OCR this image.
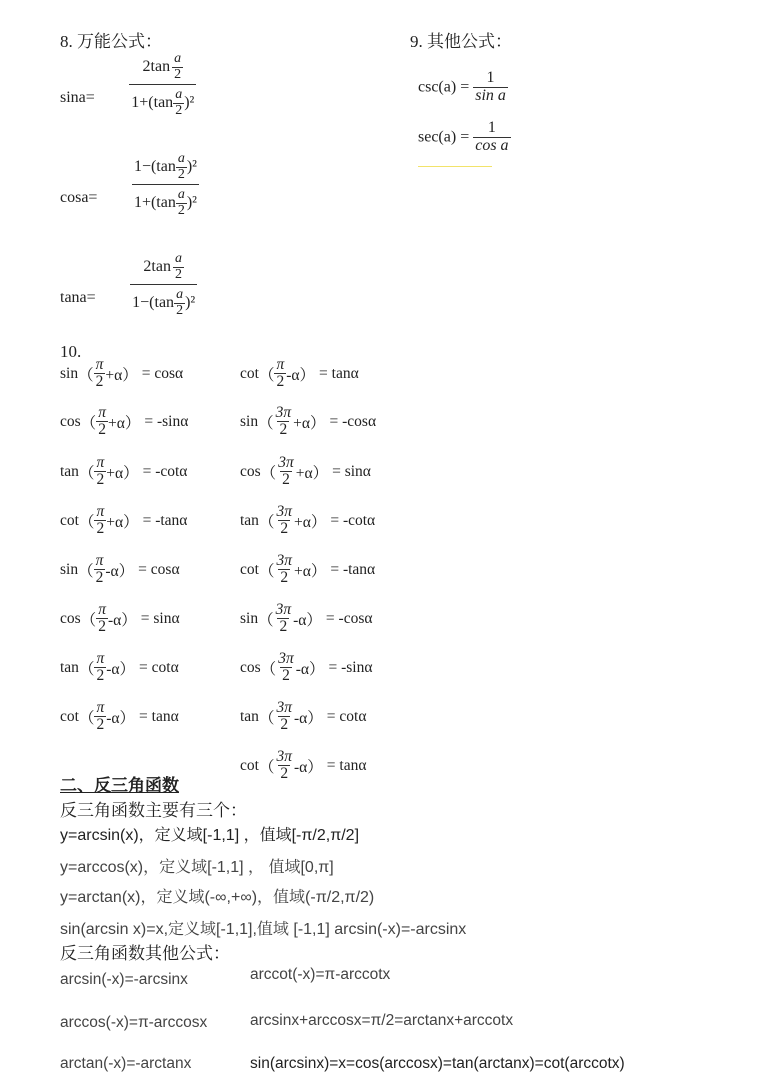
8. 万能公式：
$\sin a= \frac{2\tan \frac{a}{2}}{1+(\tan \frac{a}{2} )^2}$
$\cos a= \frac{1-(\tan \frac{a}{2} )^2}{1+(\tan \frac{a}{2} )^2}$
$\tan a= \frac{2\tan \frac{a}{2}}{1-(\tan \frac{a}{2} )^2}$
9. 其他公式：
$\csc(a) = \frac{1}{\text{sin a}}$
$\sec(a) = \frac{1}{\text{cos a}}$
10.
$\sin( \frac{\pi}{2} +\alpha) = \cos\alpha$
$\cos( \frac{\pi}{2} +\alpha) = -\sin\alpha$
$\tan( \frac{\pi}{2} +\alpha) = -\cot\alpha$
$\cot( \frac{\pi}{2} +\alpha) = -\tan\alpha$
$\sin( \frac{\pi}{2} -\alpha) = \cos\alpha$
$\cos( \frac{\pi}{2} -\alpha) = \sin\alpha$
$\tan( \frac{\pi}{2} -\alpha) = \cot\alpha$
$\cot( \frac{\pi}{2} -\alpha) = \tan\alpha$
$\cot( \frac{\pi}{2} -\alpha) = \tan\alpha$
$\sin( \frac{3\pi}{2} +\alpha) = -\cos\alpha$
$\cos( \frac{3\pi}{2} +\alpha) = \sin\alpha$
$\tan( \frac{3\pi}{2} +\alpha) = -\cot\alpha$
$\cot( \frac{3\pi}{2} +\alpha) = -\tan\alpha$
$\sin( \frac{3\pi}{2} -\alpha) = -\cos\alpha$
$\cos( \frac{3\pi}{2} -\alpha) = -\sin\alpha$
$\tan( \frac{3\pi}{2} -\alpha) = \cot\alpha$
$\cot( \frac{3\pi}{2} -\alpha) = \tan\alpha$
二、反三角函数
反三角函数主要有三个：
y=arcsin(x)，定义域[-1,1] ，值域[-π/2,π/2]
y=arccos(x)，定义域[-1,1] ， 值域[0,π]
y=arctan(x)，定义域(-∞,+∞)，值域(-π/2,π/2)
sin(arcsin x)=x,定义域[-1,1],值域 [-1,1] arcsin(-x)=-arcsinx
反三角函数其他公式：
arcsin(-x)=-arcsinx	arccot(-x)=π-arccotx
arccos(-x)=π-arccosx	arcsinx+arccosx=π/2=arctanx+arccotx
arctan(-x)=-arctanx	sin(arcsinx)=x=cos(arccosx)=tan(arctanx)=cot(arccotx)
